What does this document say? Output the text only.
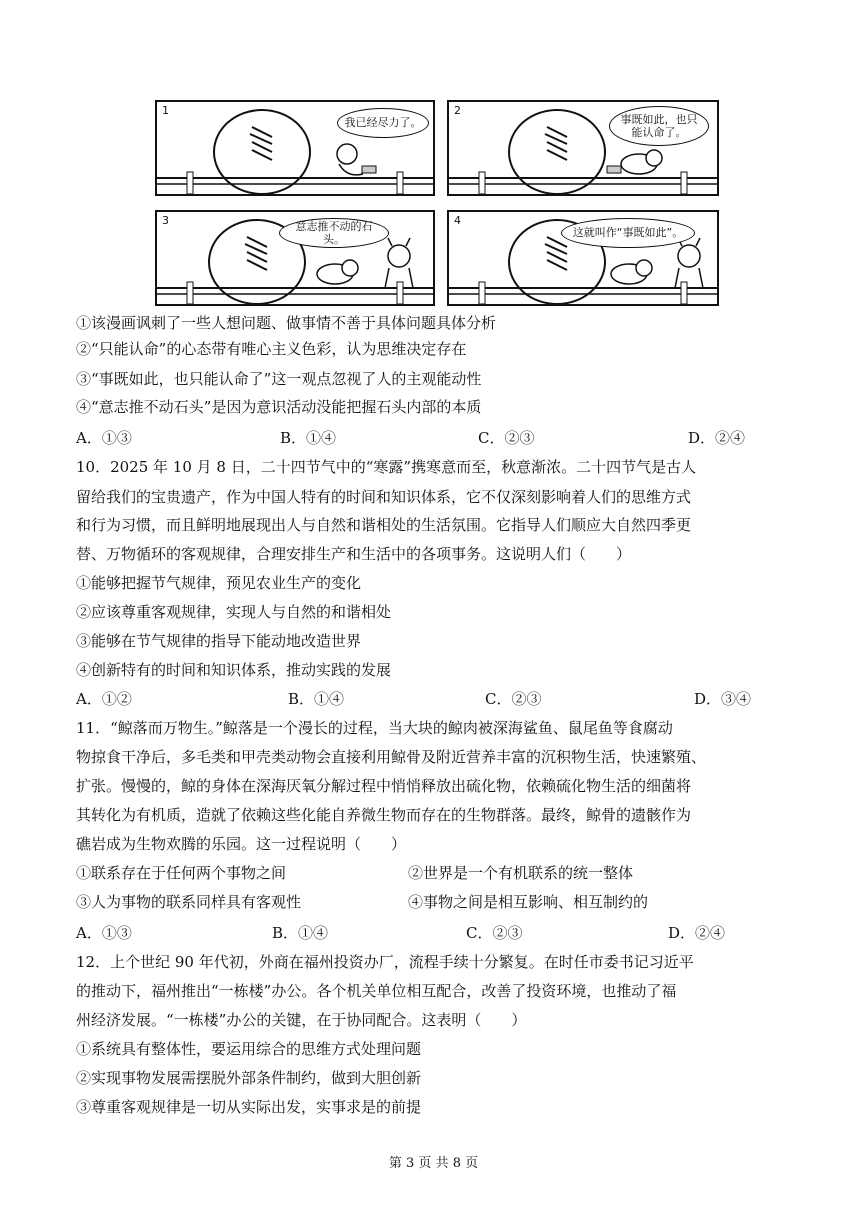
1
我已经尽力了。
2
事既如此，也只能认命了。
3	意志推不动的石头。
4
这就叫作“事既如此”。
①该漫画讽刺了一些人想问题、做事情不善于具体问题具体分析
②“只能认命”的心态带有唯心主义色彩，认为思维决定存在
③“事既如此，也只能认命了”这一观点忽视了人的主观能动性
④“意志推不动石头”是因为意识活动没能把握石头内部的本质
A．①③	B．①④	C．②③	D．②④
10．2025 年 10 月 8 日，二十四节气中的“寒露”携寒意而至，秋意渐浓。二十四节气是古人
留给我们的宝贵遗产，作为中国人特有的时间和知识体系，它不仅深刻影响着人们的思维方式
和行为习惯，而且鲜明地展现出人与自然和谐相处的生活氛围。它指导人们顺应大自然四季更
替、万物循环的客观规律，合理安排生产和生活中的各项事务。这说明人们（　　）
①能够把握节气规律，预见农业生产的变化
②应该尊重客观规律，实现人与自然的和谐相处
③能够在节气规律的指导下能动地改造世界
④创新特有的时间和知识体系，推动实践的发展
A．①②	B．①④	C．②③	D．③④
11．“鲸落而万物生。”鲸落是一个漫长的过程，当大块的鲸肉被深海鲨鱼、鼠尾鱼等食腐动
物掠食干净后，多毛类和甲壳类动物会直接利用鲸骨及附近营养丰富的沉积物生活，快速繁殖、
扩张。慢慢的，鲸的身体在深海厌氧分解过程中悄悄释放出硫化物，依赖硫化物生活的细菌将
其转化为有机质，造就了依赖这些化能自养微生物而存在的生物群落。最终，鲸骨的遗骸作为
礁岩成为生物欢腾的乐园。这一过程说明（　　）
①联系存在于任何两个事物之间	②世界是一个有机联系的统一整体
③人为事物的联系同样具有客观性	④事物之间是相互影响、相互制约的
A．①③	B．①④	C．②③	D．②④
12．上个世纪 90 年代初，外商在福州投资办厂，流程手续十分繁复。在时任市委书记习近平
的推动下，福州推出“一栋楼”办公。各个机关单位相互配合，改善了投资环境，也推动了福
州经济发展。“一栋楼”办公的关键，在于协同配合。这表明（　　）
①系统具有整体性，要运用综合的思维方式处理问题
②实现事物发展需摆脱外部条件制约，做到大胆创新
③尊重客观规律是一切从实际出发，实事求是的前提
第 3 页 共 8 页
